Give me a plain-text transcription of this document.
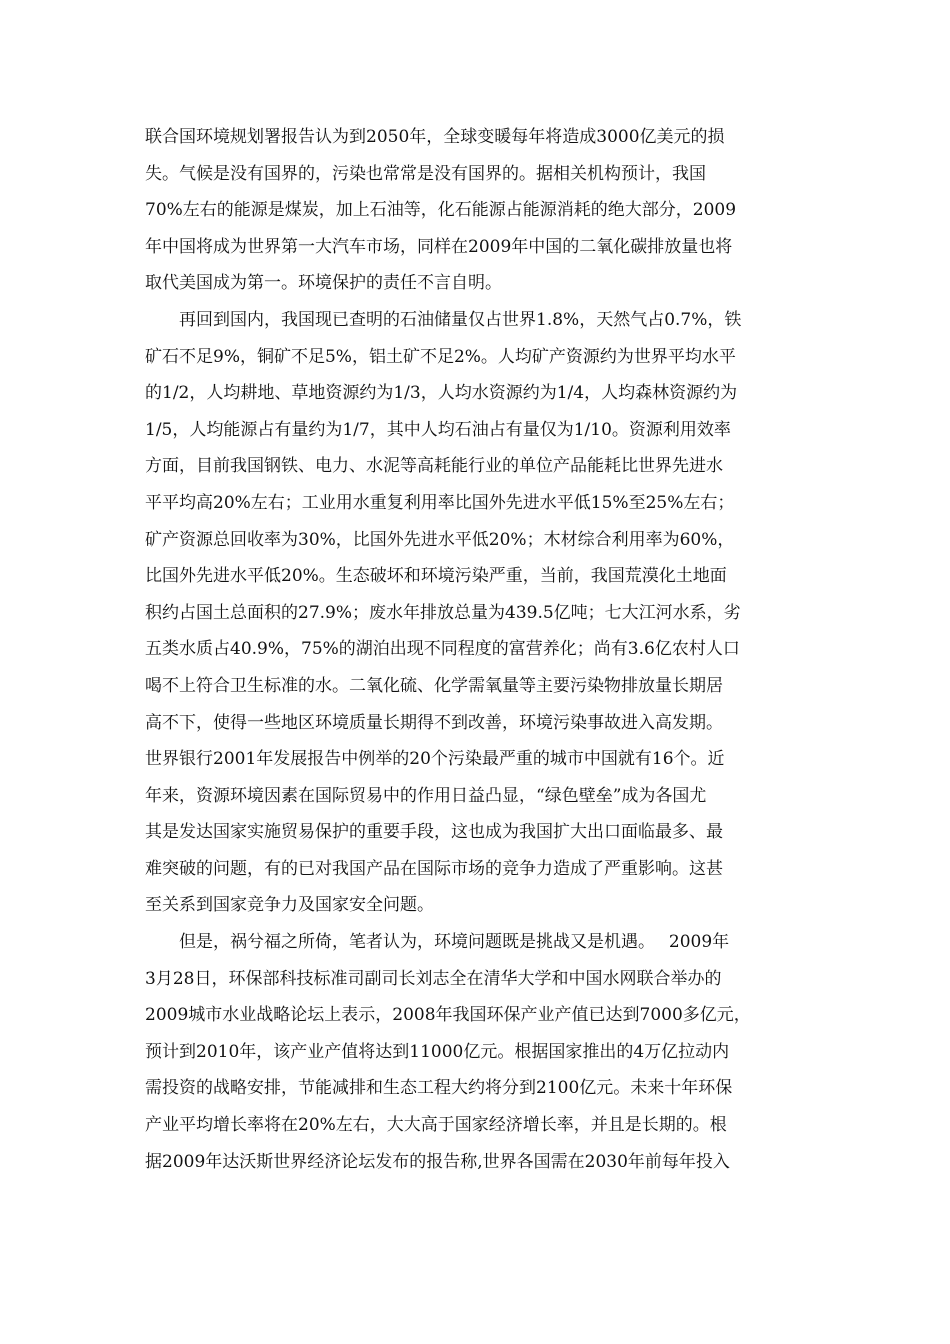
联合国环境规划署报告认为到2050年，全球变暖每年将造成3000亿美元的损
失。气候是没有国界的，污染也常常是没有国界的。据相关机构预计，我国
70%左右的能源是煤炭，加上石油等，化石能源占能源消耗的绝大部分，2009
年中国将成为世界第一大汽车市场，同样在2009年中国的二氧化碳排放量也将
取代美国成为第一。环境保护的责任不言自明。
　　再回到国内，我国现已查明的石油储量仅占世界1.8%，天然气占0.7%，铁
矿石不足9%，铜矿不足5%，铝土矿不足2%。人均矿产资源约为世界平均水平
的1/2，人均耕地、草地资源约为1/3，人均水资源约为1/4，人均森林资源约为
1/5，人均能源占有量约为1/7，其中人均石油占有量仅为1/10。资源利用效率
方面，目前我国钢铁、电力、水泥等高耗能行业的单位产品能耗比世界先进水
平平均高20%左右；工业用水重复利用率比国外先进水平低15%至25%左右；
矿产资源总回收率为30%，比国外先进水平低20%；木材综合利用率为60%，
比国外先进水平低20%。生态破坏和环境污染严重，当前，我国荒漠化土地面
积约占国土总面积的27.9%；废水年排放总量为439.5亿吨；七大江河水系，劣
五类水质占40.9%，75%的湖泊出现不同程度的富营养化；尚有3.6亿农村人口
喝不上符合卫生标准的水。二氧化硫、化学需氧量等主要污染物排放量长期居
高不下，使得一些地区环境质量长期得不到改善，环境污染事故进入高发期。
世界银行2001年发展报告中例举的20个污染最严重的城市中国就有16个。近
年来，资源环境因素在国际贸易中的作用日益凸显，“绿色壁垒”成为各国尤
其是发达国家实施贸易保护的重要手段，这也成为我国扩大出口面临最多、最
难突破的问题，有的已对我国产品在国际市场的竞争力造成了严重影响。这甚
至关系到国家竞争力及国家安全问题。
　　但是，祸兮福之所倚，笔者认为，环境问题既是挑战又是机遇。　 2009年
3月28日，环保部科技标准司副司长刘志全在清华大学和中国水网联合举办的
2009城市水业战略论坛上表示，2008年我国环保产业产值已达到7000多亿元，
预计到2010年，该产业产值将达到11000亿元。根据国家推出的4万亿拉动内
需投资的战略安排，节能减排和生态工程大约将分到2100亿元。未来十年环保
产业平均增长率将在20%左右，大大高于国家经济增长率，并且是长期的。根
据2009年达沃斯世界经济论坛发布的报告称,世界各国需在2030年前每年投入
